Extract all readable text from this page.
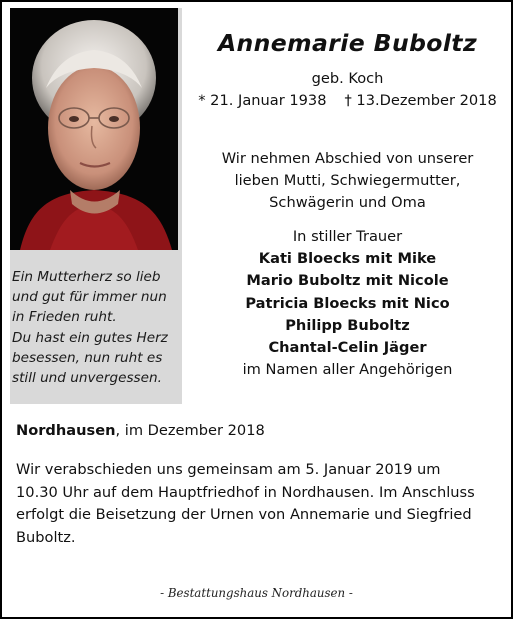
Ein Mutterherz so lieb
und gut für immer nun
in Frieden ruht.
Du hast ein gutes Herz
besessen, nun ruht es
still und unvergessen.
Annemarie Buboltz
geb. Koch
* 21. Januar 1938 † 13.Dezember 2018
Wir nehmen Abschied von unserer
lieben Mutti, Schwiegermutter,
Schwägerin und Oma
In stiller Trauer
Kati Bloecks mit Mike
Mario Buboltz mit Nicole
Patricia Bloecks mit Nico
Philipp Buboltz
Chantal-Celin Jäger
im Namen aller Angehörigen
Nordhausen, im Dezember 2018
Wir verabschieden uns gemeinsam am 5. Januar 2019 um
10.30 Uhr auf dem Hauptfriedhof in Nordhausen. Im Anschluss
erfolgt die Beisetzung der Urnen von Annemarie und Siegfried
Buboltz.
- Bestattungshaus Nordhausen -
